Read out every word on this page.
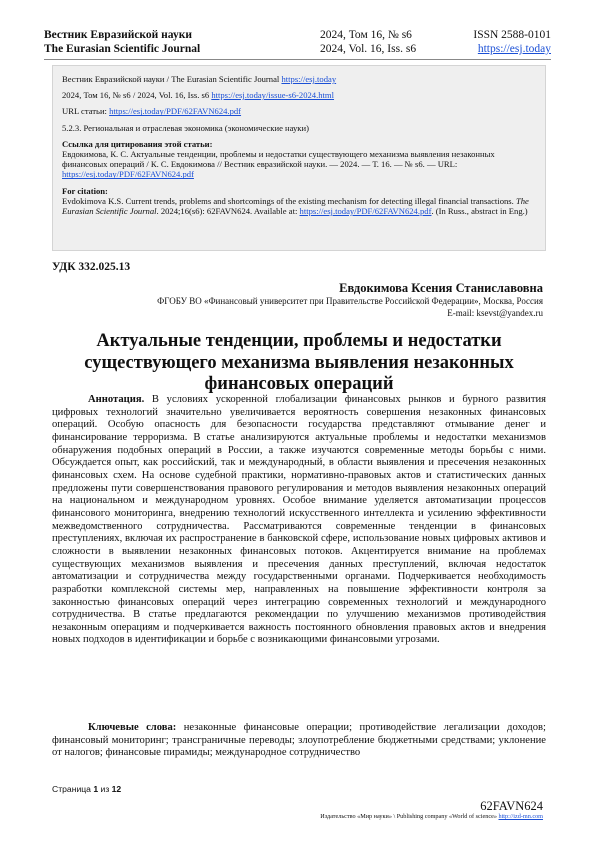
Вестник Евразийской науки
The Eurasian Scientific Journal
2024, Том 16, № s6
2024, Vol. 16, Iss. s6
ISSN 2588-0101
https://esj.today

Вестник Евразийской науки / The Eurasian Scientific Journal https://esj.today

2024, Том 16, № s6 / 2024, Vol. 16, Iss. s6 https://esj.today/issue-s6-2024.html

URL статьи: https://esj.today/PDF/62FAVN624.pdf

5.2.3. Региональная и отраслевая экономика (экономические науки)

Ссылка для цитирования этой статьи:
Евдокимова, К. С. Актуальные тенденции, проблемы и недостатки существующего механизма выявления незаконных финансовых операций / К. С. Евдокимова // Вестник евразийской науки. — 2024. — Т. 16. — № s6. — URL: https://esj.today/PDF/62FAVN624.pdf

For citation:
Evdokimova K.S. Current trends, problems and shortcomings of the existing mechanism for detecting illegal financial transactions. The Eurasian Scientific Journal. 2024;16(s6): 62FAVN624. Available at: https://esj.today/PDF/62FAVN624.pdf. (In Russ., abstract in Eng.)

УДК 332.025.13
Евдокимова Ксения Станиславовна
ФГОБУ ВО «Финансовый университет при Правительстве Российской Федерации», Москва, Россия
E-mail: ksevst@yandex.ru
Актуальные тенденции, проблемы и недостатки существующего механизма выявления незаконных финансовых операций

Аннотация. В условиях ускоренной глобализации финансовых рынков и бурного развития цифровых технологий значительно увеличивается вероятность совершения незаконных финансовых операций. Особую опасность для безопасности государства представляют отмывание денег и финансирование терроризма. В статье анализируются актуальные проблемы и недостатки механизмов обнаружения подобных операций в России, а также изучаются современные методы борьбы с ними. Обсуждается опыт, как российский, так и международный, в области выявления и пресечения незаконных финансовых схем. На основе судебной практики, нормативно-правовых актов и статистических данных предложены пути совершенствования правового регулирования и методов выявления незаконных операций на национальном и международном уровнях. Особое внимание уделяется автоматизации процессов финансового мониторинга, внедрению технологий искусственного интеллекта и усилению эффективности межведомственного сотрудничества. Рассматриваются современные тенденции в финансовых преступлениях, включая их распространение в банковской сфере, использование новых цифровых активов и сложности в выявлении незаконных финансовых потоков. Акцентируется внимание на проблемах существующих механизмов выявления и пресечения данных преступлений, включая недостаток автоматизации и сотрудничества между государственными органами. Подчеркивается необходимость разработки комплексной системы мер, направленных на повышение эффективности контроля за законностью финансовых операций через интеграцию современных технологий и международного сотрудничества. В статье предлагаются рекомендации по улучшению механизмов противодействия незаконным операциям и подчеркивается важность постоянного обновления правовых актов и внедрения новых подходов в идентификации и борьбе с возникающими финансовыми угрозами.

Ключевые слова: незаконные финансовые операции; противодействие легализации доходов; финансовый мониторинг; трансграничные переводы; злоупотребление бюджетными средствами; уклонение от налогов; финансовые пирамиды; международное сотрудничество

Страница 1 из 12
62FAVN624
Издательство «Мир науки» \ Publishing company «World of science» http://izd-mn.com
